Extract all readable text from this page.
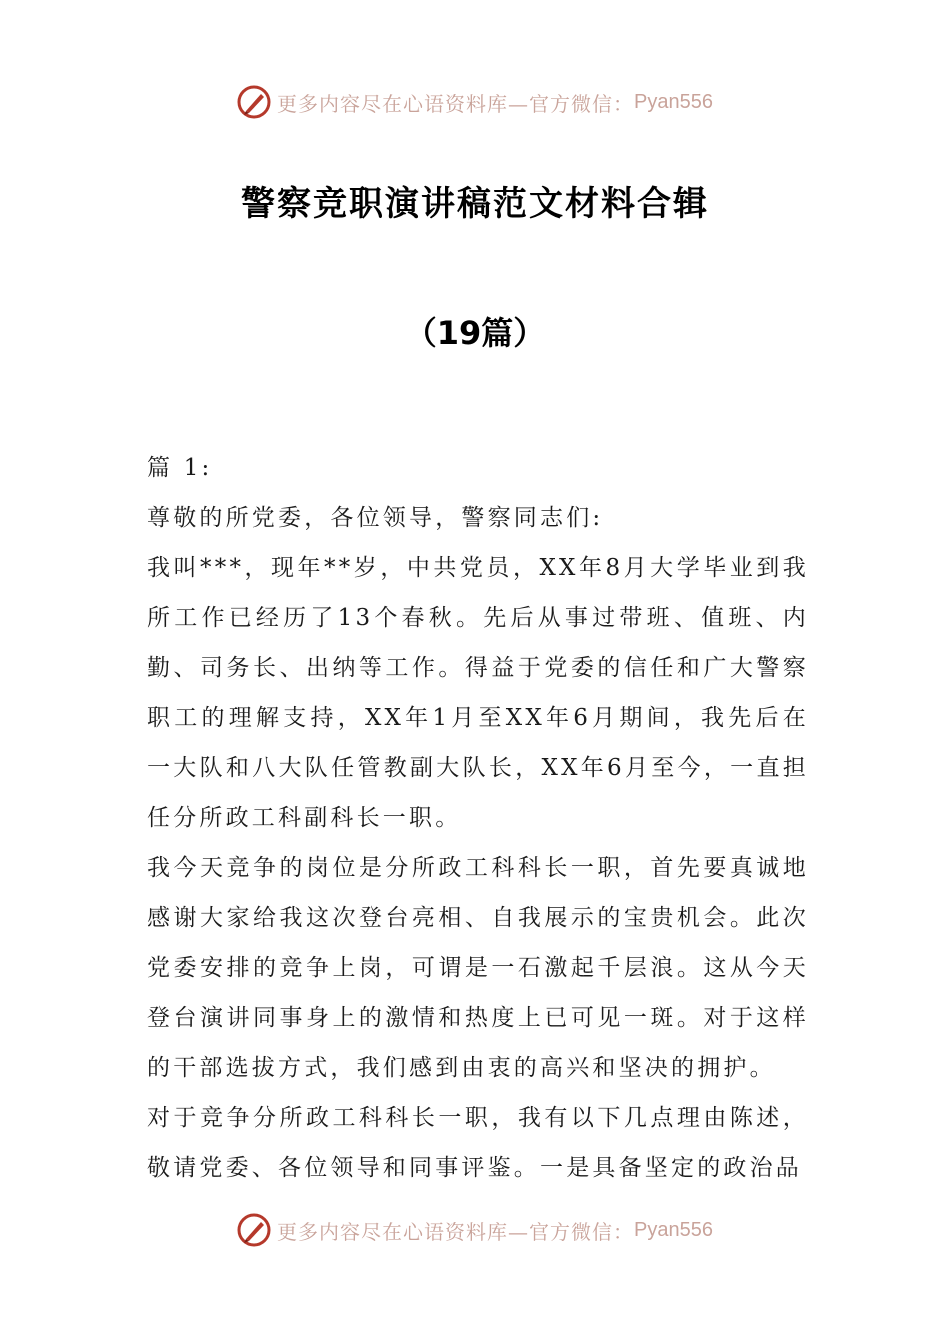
更多内容尽在心语资料库—官方微信： Pyan556
警察竞职演讲稿范文材料合辑
（19篇）

篇 1:

尊敬的所党委，各位领导，警察同志们:

我叫***，现年**岁，中共党员，XX年8月大学毕业到我所工作已经历了13个春秋。先后从事过带班、值班、内勤、司务长、出纳等工作。得益于党委的信任和广大警察职工的理解支持，XX年1月至XX年6月期间，我先后在一大队和八大队任管教副大队长，XX年6月至今，一直担任分所政工科副科长一职。

我今天竞争的岗位是分所政工科科长一职，首先要真诚地感谢大家给我这次登台亮相、自我展示的宝贵机会。此次党委安排的竞争上岗，可谓是一石激起千层浪。这从今天登台演讲同事身上的激情和热度上已可见一斑。对于这样的干部选拔方式，我们感到由衷的高兴和坚决的拥护。

对于竞争分所政工科科长一职，我有以下几点理由陈述，敬请党委、各位领导和同事评鉴。一是具备坚定的政治品

更多内容尽在心语资料库—官方微信： Pyan556
